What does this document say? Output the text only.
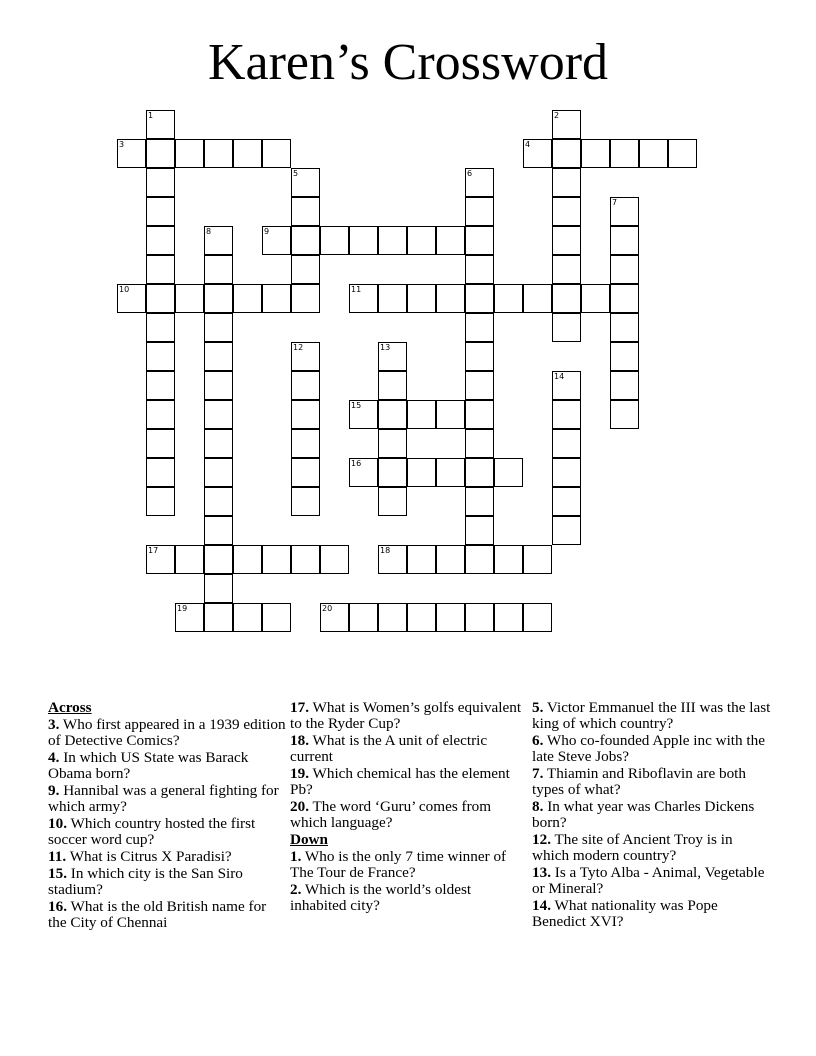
Karen’s Crossword
1	2
3	4
5	6
7
8	9
10	11
12	13
14
15
16
17	18
19	20
Across
3. Who first appeared in a 1939 edition of Detective Comics?
4. In which US State was Barack Obama born?
9. Hannibal was a general fighting for which army?
10. Which country hosted the first soccer word cup?
11. What is Citrus X Paradisi?
15. In which city is the San Siro stadium?
16. What is the old British name for the City of Chennai
17. What is Women’s golfs equivalent to the Ryder Cup?
18. What is the A unit of electric current
19. Which chemical has the element Pb?
20. The word ‘Guru’ comes from which language?
Down
1. Who is the only 7 time winner of The Tour de France?
2. Which is the world’s oldest inhabited city?
5. Victor Emmanuel the III was the last king of which country?
6. Who co-founded Apple inc with the late Steve Jobs?
7. Thiamin and Riboflavin are both types of what?
8. In what year was Charles Dickens born?
12. The site of Ancient Troy is in which modern country?
13. Is a Tyto Alba - Animal, Vegetable or Mineral?
14. What nationality was Pope Benedict XVI?
